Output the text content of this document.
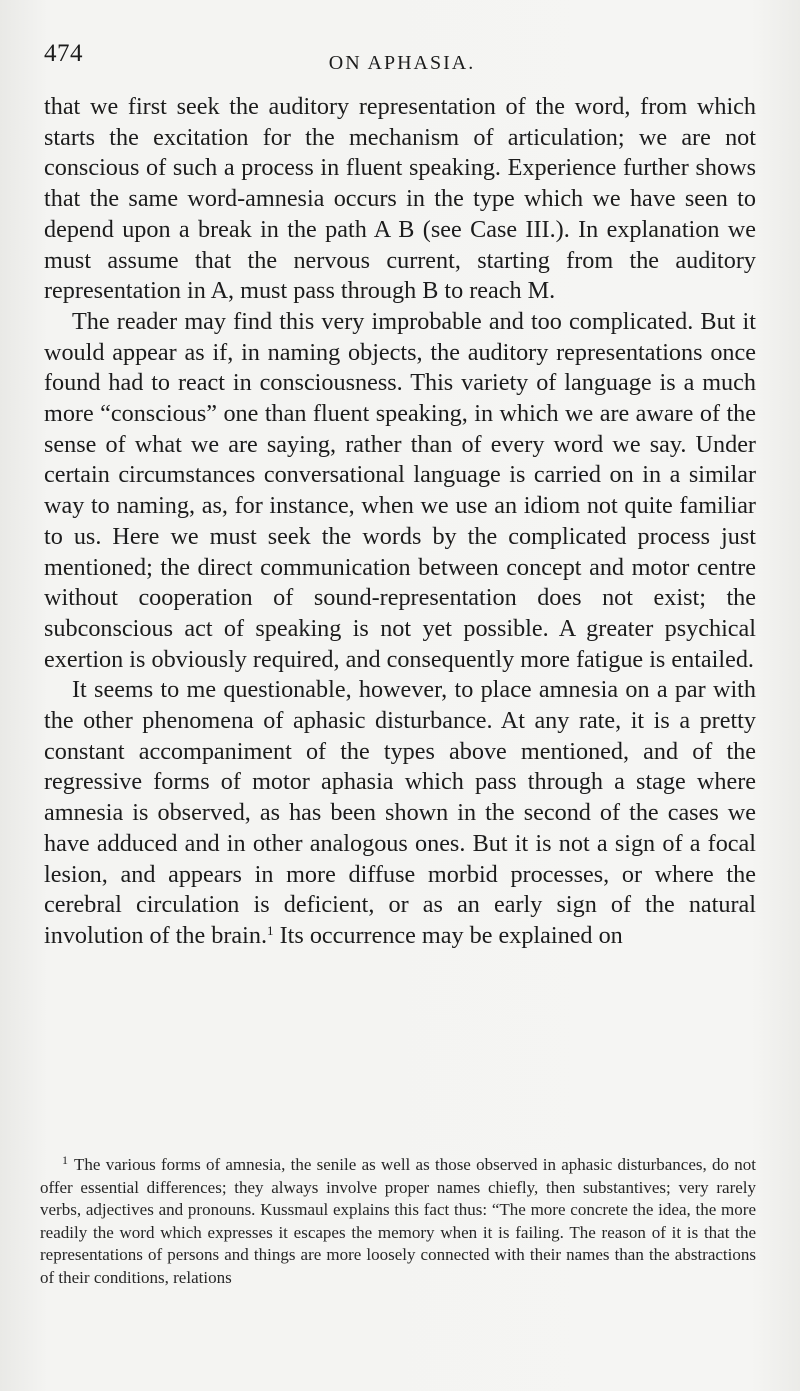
474	ON APHASIA.

that we first seek the auditory representation of the word, from which starts the excitation for the mechanism of articulation; we are not conscious of such a process in fluent speaking. Experience further shows that the same word-amnesia occurs in the type which we have seen to depend upon a break in the path A B (see Case III.). In explanation we must assume that the nervous current, starting from the auditory representation in A, must pass through B to reach M.

The reader may find this very improbable and too complicated. But it would appear as if, in naming objects, the auditory representations once found had to react in consciousness. This variety of language is a much more “conscious” one than fluent speaking, in which we are aware of the sense of what we are saying, rather than of every word we say. Under certain circumstances conversational language is carried on in a similar way to naming, as, for instance, when we use an idiom not quite familiar to us. Here we must seek the words by the complicated process just mentioned; the direct communication between concept and motor centre without cooperation of sound-representation does not exist; the subconscious act of speaking is not yet possible. A greater psychical exertion is obviously required, and consequently more fatigue is entailed.

It seems to me questionable, however, to place amnesia on a par with the other phenomena of aphasic disturbance. At any rate, it is a pretty constant accompaniment of the types above mentioned, and of the regressive forms of motor aphasia which pass through a stage where amnesia is observed, as has been shown in the second of the cases we have adduced and in other analogous ones. But it is not a sign of a focal lesion, and appears in more diffuse morbid processes, or where the cerebral circulation is deficient, or as an early sign of the natural involution of the brain.$^1$ Its occurrence may be explained on

$^1$ The various forms of amnesia, the senile as well as those observed in aphasic disturbances, do not offer essential differences; they always involve proper names chiefly, then substantives; very rarely verbs, adjectives and pronouns. Kussmaul explains this fact thus: “The more concrete the idea, the more readily the word which expresses it escapes the memory when it is failing. The reason of it is that the representations of persons and things are more loosely connected with their names than the abstractions of their conditions, relations
